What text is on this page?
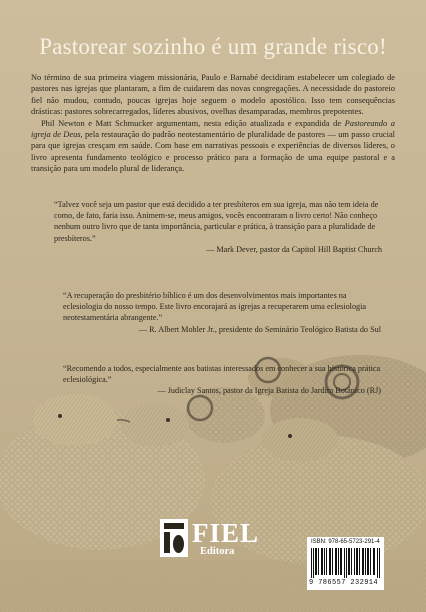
Pastorear sozinho é um grande risco!

No término de sua primeira viagem missionária, Paulo e Barnabé decidiram estabelecer um colegiado de pastores nas igrejas que plantaram, a fim de cuidarem das novas congregações. A necessidade do pastoreio fiel não mudou, contudo, poucas igrejas hoje seguem o modelo apostólico. Isso tem consequências drásticas: pastores sobrecarregados, líderes abusivos, ovelhas desamparadas, membros prepotentes.

Phil Newton e Matt Schmucker argumentam, nesta edição atualizada e expandida de Pastoreando a igreja de Deus, pela restauração do padrão neotestamentário de pluralidade de pastores — um passo crucial para que igrejas cresçam em saúde. Com base em narrativas pessoais e experiências de diversos líderes, o livro apresenta fundamento teológico e processo prático para a formação de uma equipe pastoral e a transição para um modelo plural de liderança.

“Talvez você seja um pastor que está decidido a ter presbíteros em sua igreja, mas não tem ideia de como, de fato, faria isso. Animem-se, meus amigos, vocês encontraram o livro certo! Não conheço nenhum outro livro que de tanta importância, particular e prática, à transição para a pluralidade de presbíteros.”

— Mark Dever, pastor da Capitol Hill Baptist Church

“A recuperação do presbitério bíblico é um dos desenvolvimentos mais importantes na eclesiologia do nosso tempo. Este livro encorajará as igrejas a recuperarem uma eclesiologia neotestamentária abrangente.”

— R. Albert Mohler Jr., presidente do Seminário Teológico Batista do Sul

“Recomendo a todos, especialmente aos batistas interessados em conhecer a sua histórica prática eclesiológica.”

— Judiclay Santos, pastor da Igreja Batista do Jardim Botânico (RJ)

FIEL
Editora
ISBN: 978-65-5723-291-4
9 786557 232914
